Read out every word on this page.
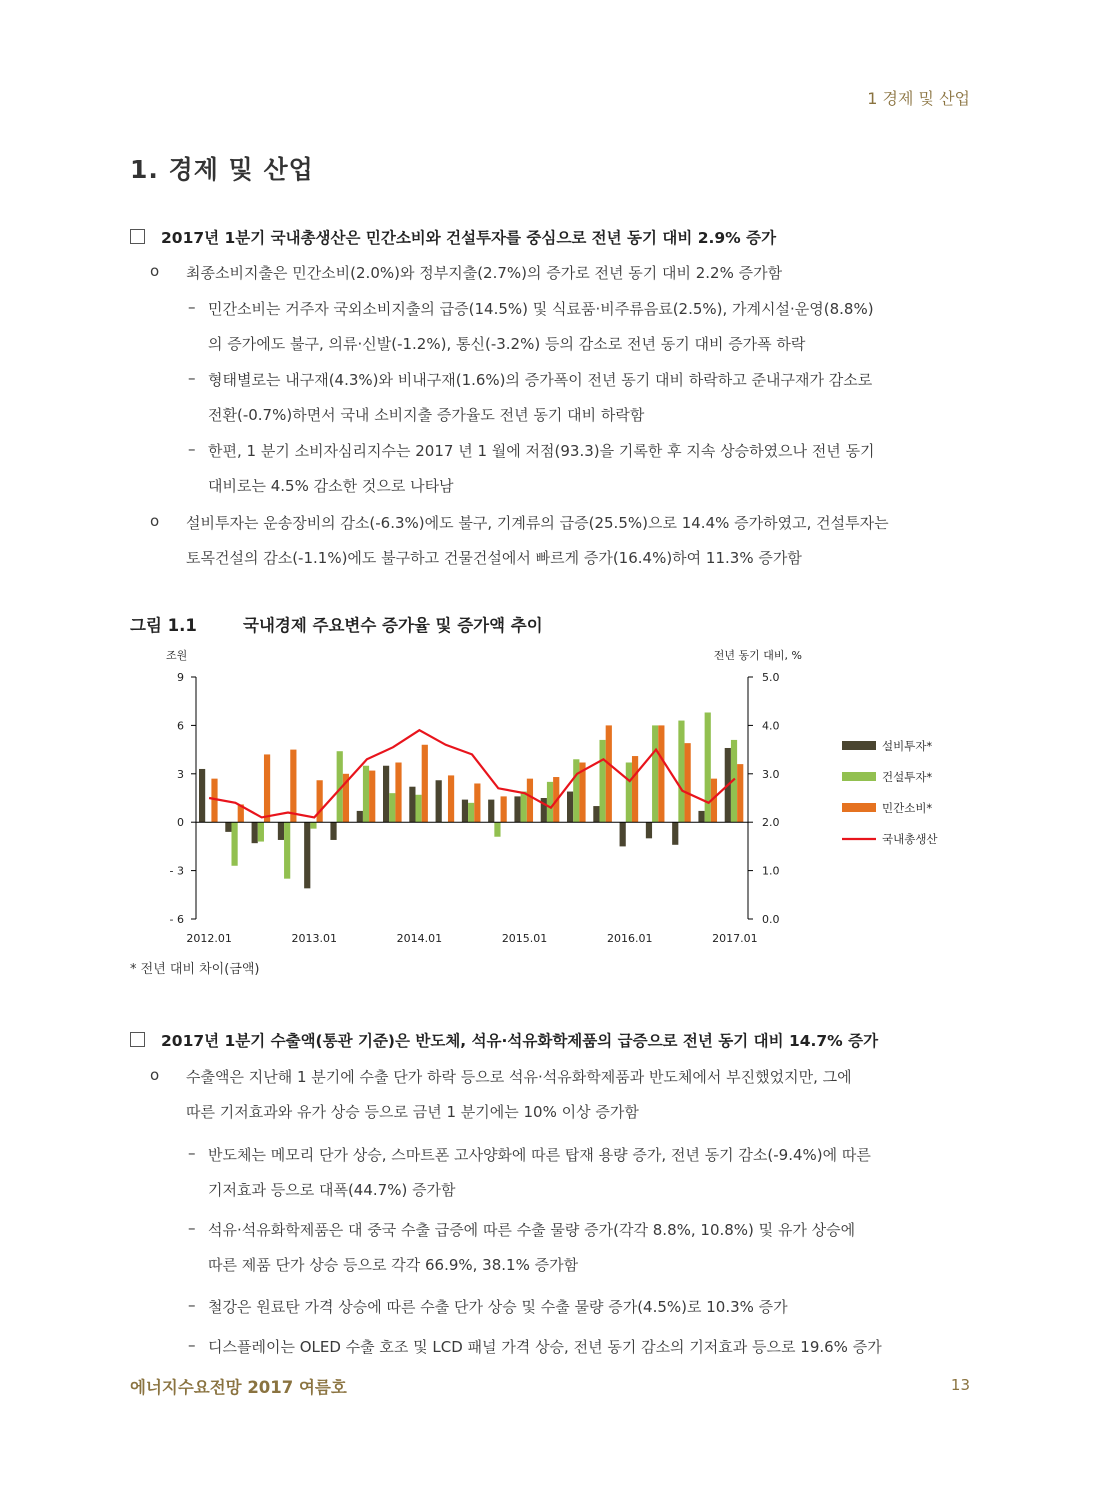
1 경제 및 산업
1. 경제 및 산업
2017년 1분기 국내총생산은 민간소비와 건설투자를 중심으로 전년 동기 대비 2.9% 증가
ο 최종소비지출은 민간소비(2.0%)와 정부지출(2.7%)의 증가로 전년 동기 대비 2.2% 증가함
– 민간소비는 거주자 국외소비지출의 급증(14.5%) 및 식료품·비주류음료(2.5%), 가계시설·운영(8.8%)
의 증가에도 불구, 의류·신발(-1.2%), 통신(-3.2%) 등의 감소로 전년 동기 대비 증가폭 하락
– 형태별로는 내구재(4.3%)와 비내구재(1.6%)의 증가폭이 전년 동기 대비 하락하고 준내구재가 감소로
전환(-0.7%)하면서 국내 소비지출 증가율도 전년 동기 대비 하락함
– 한편, 1 분기 소비자심리지수는 2017 년 1 월에 저점(93.3)을 기록한 후 지속 상승하였으나 전년 동기
대비로는 4.5% 감소한 것으로 나타남
ο 설비투자는 운송장비의 감소(-6.3%)에도 불구, 기계류의 급증(25.5%)으로 14.4% 증가하였고, 건설투자는
토목건설의 감소(-1.1%)에도 불구하고 건물건설에서 빠르게 증가(16.4%)하여 11.3% 증가함
그림 1.1	국내경제 주요변수 증가율 및 증가액 추이
조원	전년 동기 대비, %
9
6
3
0
- 3
- 6
5.0
4.0
3.0
2.0
1.0
0.0
2012.01	2013.01	2014.01	2015.01	2016.01	2017.01
설비투자*
건설투자*
민간소비*
국내총생산
* 전년 대비 차이(금액)
2017년 1분기 수출액(통관 기준)은 반도체, 석유·석유화학제품의 급증으로 전년 동기 대비 14.7% 증가
ο 수출액은 지난해 1 분기에 수출 단가 하락 등으로 석유·석유화학제품과 반도체에서 부진했었지만, 그에
따른 기저효과와 유가 상승 등으로 금년 1 분기에는 10% 이상 증가함
– 반도체는 메모리 단가 상승, 스마트폰 고사양화에 따른 탑재 용량 증가, 전년 동기 감소(-9.4%)에 따른
기저효과 등으로 대폭(44.7%) 증가함
– 석유·석유화학제품은 대 중국 수출 급증에 따른 수출 물량 증가(각각 8.8%, 10.8%) 및 유가 상승에
따른 제품 단가 상승 등으로 각각 66.9%, 38.1% 증가함
– 철강은 원료탄 가격 상승에 따른 수출 단가 상승 및 수출 물량 증가(4.5%)로 10.3% 증가
– 디스플레이는 OLED 수출 호조 및 LCD 패널 가격 상승, 전년 동기 감소의 기저효과 등으로 19.6% 증가
에너지수요전망 2017 여름호	13
